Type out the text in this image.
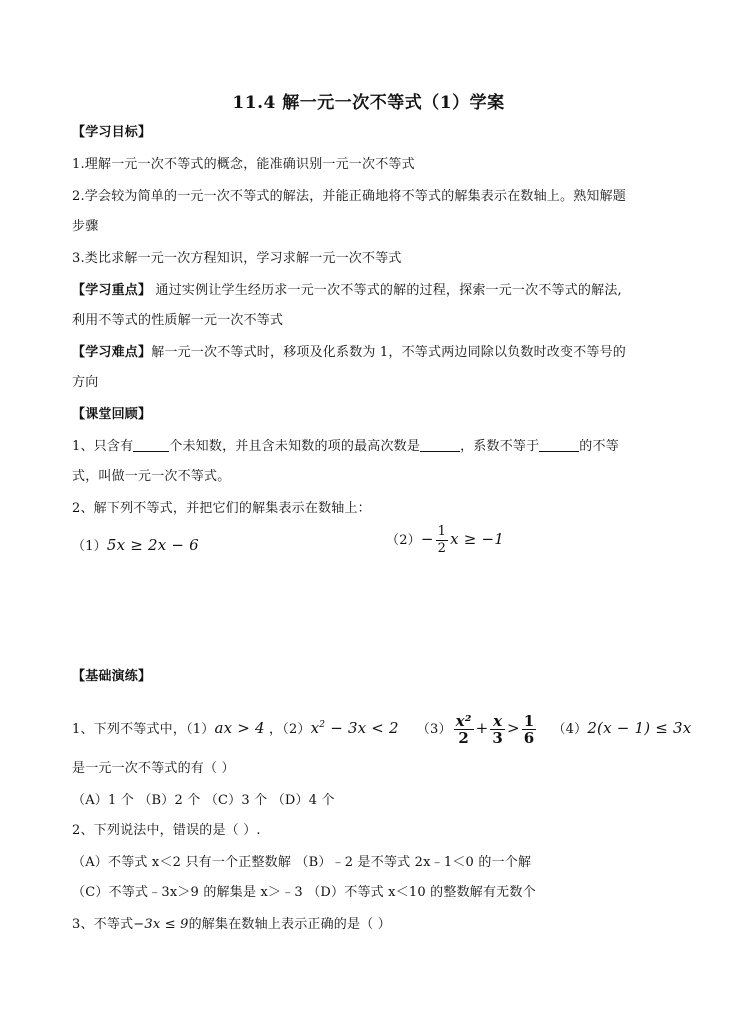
11.4 解一元一次不等式（1）学案
【学习目标】
1.理解一元一次不等式的概念，能准确识别一元一次不等式
2.学会较为简单的一元一次不等式的解法，并能正确地将不等式的解集表示在数轴上。熟知解题
步骤
3.类比求解一元一次方程知识，学习求解一元一次不等式
【学习重点】 通过实例让学生经历求一元一次不等式的解的过程，探索一元一次不等式的解法,
利用不等式的性质解一元一次不等式
【学习难点】解一元一次不等式时，移项及化系数为 1，不等式两边同除以负数时改变不等号的
方向
【课堂回顾】
1、只含有	个未知数，并且含未知数的项的最高次数是	，系数不等于	的不等
式，叫做一元一次不等式。
2、解下列不等式，并把它们的解集表示在数轴上：
（1）5x ≥ 2x − 6	$(2)- \frac{1}{2}$ x ≥ −1
【基础演练】
1、下列不等式中，（1）ax > 4 ，$(2)x^2 - 3x < 2$ $(3) \frac{\text{x²}}{2} + \frac{x}{3} > \frac{1}{6} (4)2(x - 1) \le 3x$
是一元一次不等式的有（ ）
（A）1 个 （B）2 个 （C）3 个 （D）4 个
2、下列说法中，错误的是（ ）.
（A）不等式 x＜2 只有一个正整数解 （B）﹣2 是不等式 2x﹣1＜0 的一个解
（C）不等式﹣3x＞9 的解集是 x＞﹣3 （D）不等式 x＜10 的整数解有无数个
3、不等式−3x ≤ 9的解集在数轴上表示正确的是（ ）
